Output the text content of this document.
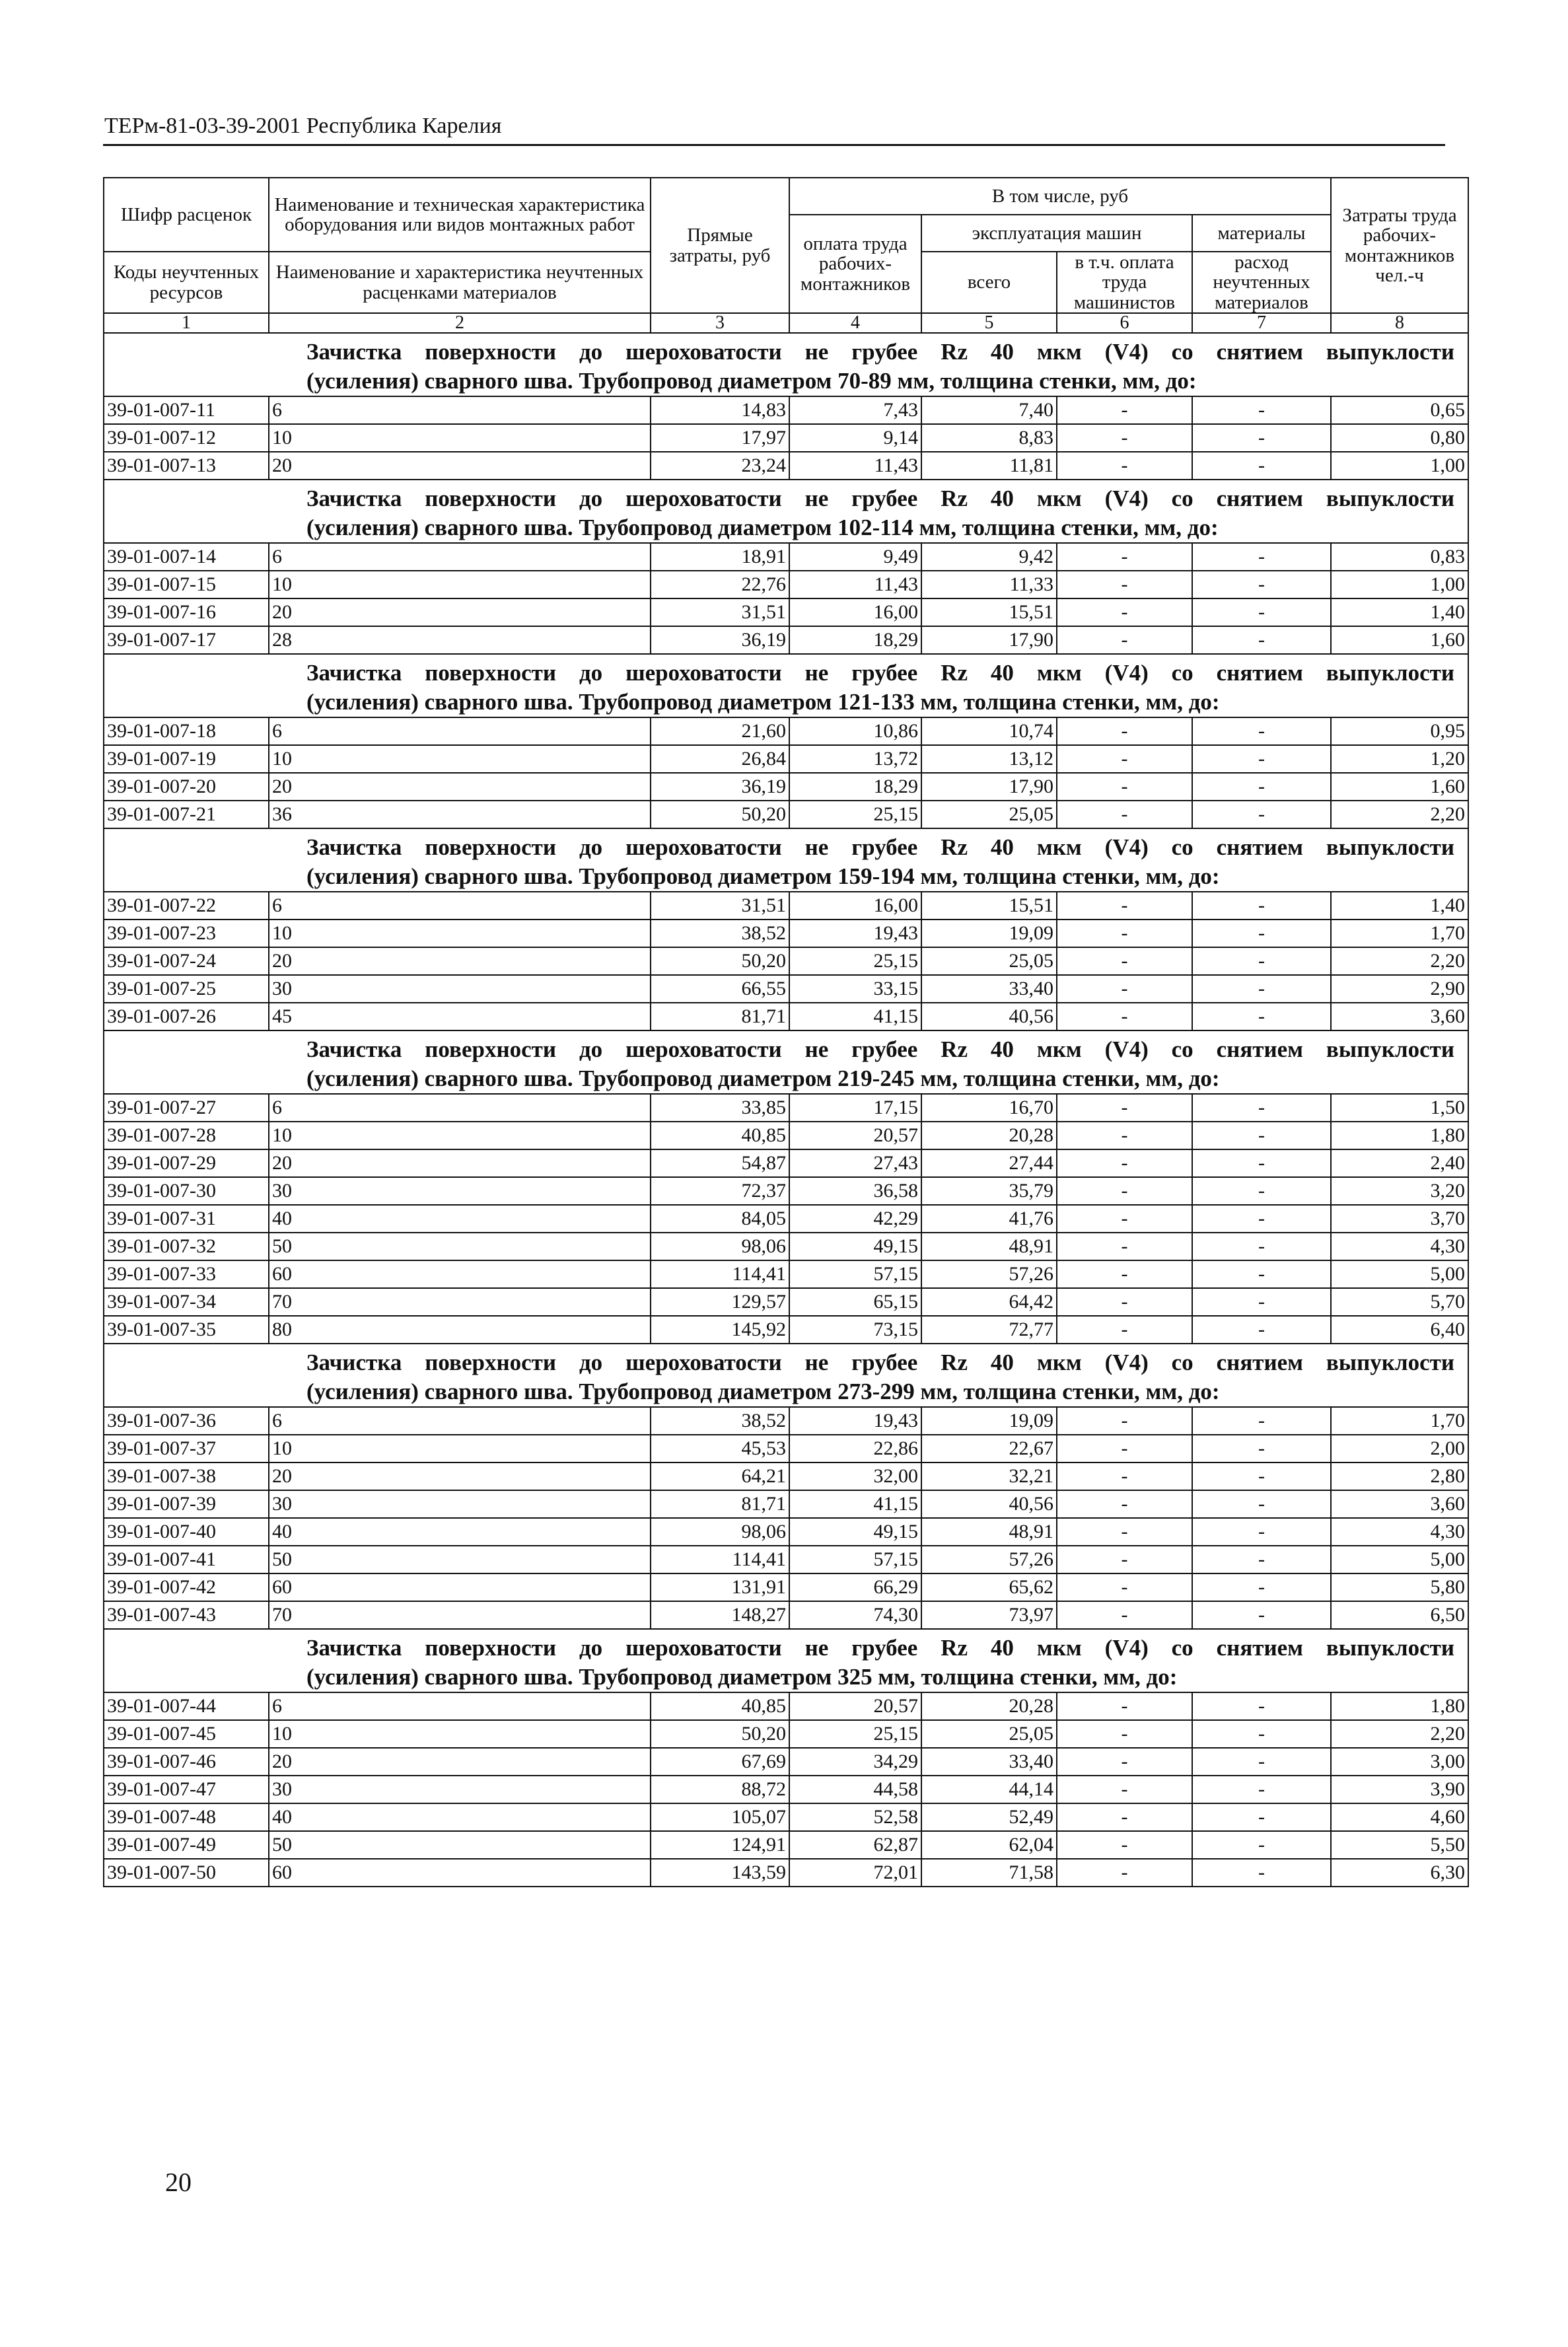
ТЕРм-81-03-39-2001 Республика Карелия
Шифр расценок	Наименование и техническая характеристика оборудования или видов монтажных работ	Прямые затраты, руб	В том числе, руб				Затраты труда рабочих-монтажников чел.-ч
			оплата труда рабочих-монтажников	эксплуатация машин		материалы	
Коды неучтенных ресурсов	Наименование и характеристика неучтенных расценками материалов			всего	в т.ч. оплата труда машинистов	расход неучтенных материалов	
1	2	3	4	5	6	7	8

Зачистка поверхности до шероховатости не грубее Rz 40 мкм (V4) со снятием выпуклости
(усиления) сварного шва. Трубопровод диаметром 70-89 мм, толщина стенки, мм, до:							

39-01-007-11	6	14,83	7,43	7,40	-	-	0,65
39-01-007-12	10	17,97	9,14	8,83	-	-	0,80
39-01-007-13	20	23,24	11,43	11,81	-	-	1,00

Зачистка поверхности до шероховатости не грубее Rz 40 мкм (V4) со снятием выпуклости
(усиления) сварного шва. Трубопровод диаметром 102-114 мм, толщина стенки, мм, до:							

39-01-007-14	6	18,91	9,49	9,42	-	-	0,83
39-01-007-15	10	22,76	11,43	11,33	-	-	1,00
39-01-007-16	20	31,51	16,00	15,51	-	-	1,40
39-01-007-17	28	36,19	18,29	17,90	-	-	1,60

Зачистка поверхности до шероховатости не грубее Rz 40 мкм (V4) со снятием выпуклости
(усиления) сварного шва. Трубопровод диаметром 121-133 мм, толщина стенки, мм, до:							

39-01-007-18	6	21,60	10,86	10,74	-	-	0,95
39-01-007-19	10	26,84	13,72	13,12	-	-	1,20
39-01-007-20	20	36,19	18,29	17,90	-	-	1,60
39-01-007-21	36	50,20	25,15	25,05	-	-	2,20

Зачистка поверхности до шероховатости не грубее Rz 40 мкм (V4) со снятием выпуклости
(усиления) сварного шва. Трубопровод диаметром 159-194 мм, толщина стенки, мм, до:							

39-01-007-22	6	31,51	16,00	15,51	-	-	1,40
39-01-007-23	10	38,52	19,43	19,09	-	-	1,70
39-01-007-24	20	50,20	25,15	25,05	-	-	2,20
39-01-007-25	30	66,55	33,15	33,40	-	-	2,90
39-01-007-26	45	81,71	41,15	40,56	-	-	3,60

Зачистка поверхности до шероховатости не грубее Rz 40 мкм (V4) со снятием выпуклости
(усиления) сварного шва. Трубопровод диаметром 219-245 мм, толщина стенки, мм, до:							

39-01-007-27	6	33,85	17,15	16,70	-	-	1,50
39-01-007-28	10	40,85	20,57	20,28	-	-	1,80
39-01-007-29	20	54,87	27,43	27,44	-	-	2,40
39-01-007-30	30	72,37	36,58	35,79	-	-	3,20
39-01-007-31	40	84,05	42,29	41,76	-	-	3,70
39-01-007-32	50	98,06	49,15	48,91	-	-	4,30
39-01-007-33	60	114,41	57,15	57,26	-	-	5,00
39-01-007-34	70	129,57	65,15	64,42	-	-	5,70
39-01-007-35	80	145,92	73,15	72,77	-	-	6,40

Зачистка поверхности до шероховатости не грубее Rz 40 мкм (V4) со снятием выпуклости
(усиления) сварного шва. Трубопровод диаметром 273-299 мм, толщина стенки, мм, до:							

39-01-007-36	6	38,52	19,43	19,09	-	-	1,70
39-01-007-37	10	45,53	22,86	22,67	-	-	2,00
39-01-007-38	20	64,21	32,00	32,21	-	-	2,80
39-01-007-39	30	81,71	41,15	40,56	-	-	3,60
39-01-007-40	40	98,06	49,15	48,91	-	-	4,30
39-01-007-41	50	114,41	57,15	57,26	-	-	5,00
39-01-007-42	60	131,91	66,29	65,62	-	-	5,80
39-01-007-43	70	148,27	74,30	73,97	-	-	6,50

Зачистка поверхности до шероховатости не грубее Rz 40 мкм (V4) со снятием выпуклости
(усиления) сварного шва. Трубопровод диаметром 325 мм, толщина стенки, мм, до:							

39-01-007-44	6	40,85	20,57	20,28	-	-	1,80
39-01-007-45	10	50,20	25,15	25,05	-	-	2,20
39-01-007-46	20	67,69	34,29	33,40	-	-	3,00
39-01-007-47	30	88,72	44,58	44,14	-	-	3,90
39-01-007-48	40	105,07	52,58	52,49	-	-	4,60
39-01-007-49	50	124,91	62,87	62,04	-	-	5,50
39-01-007-50	60	143,59	72,01	71,58	-	-	6,30
20
